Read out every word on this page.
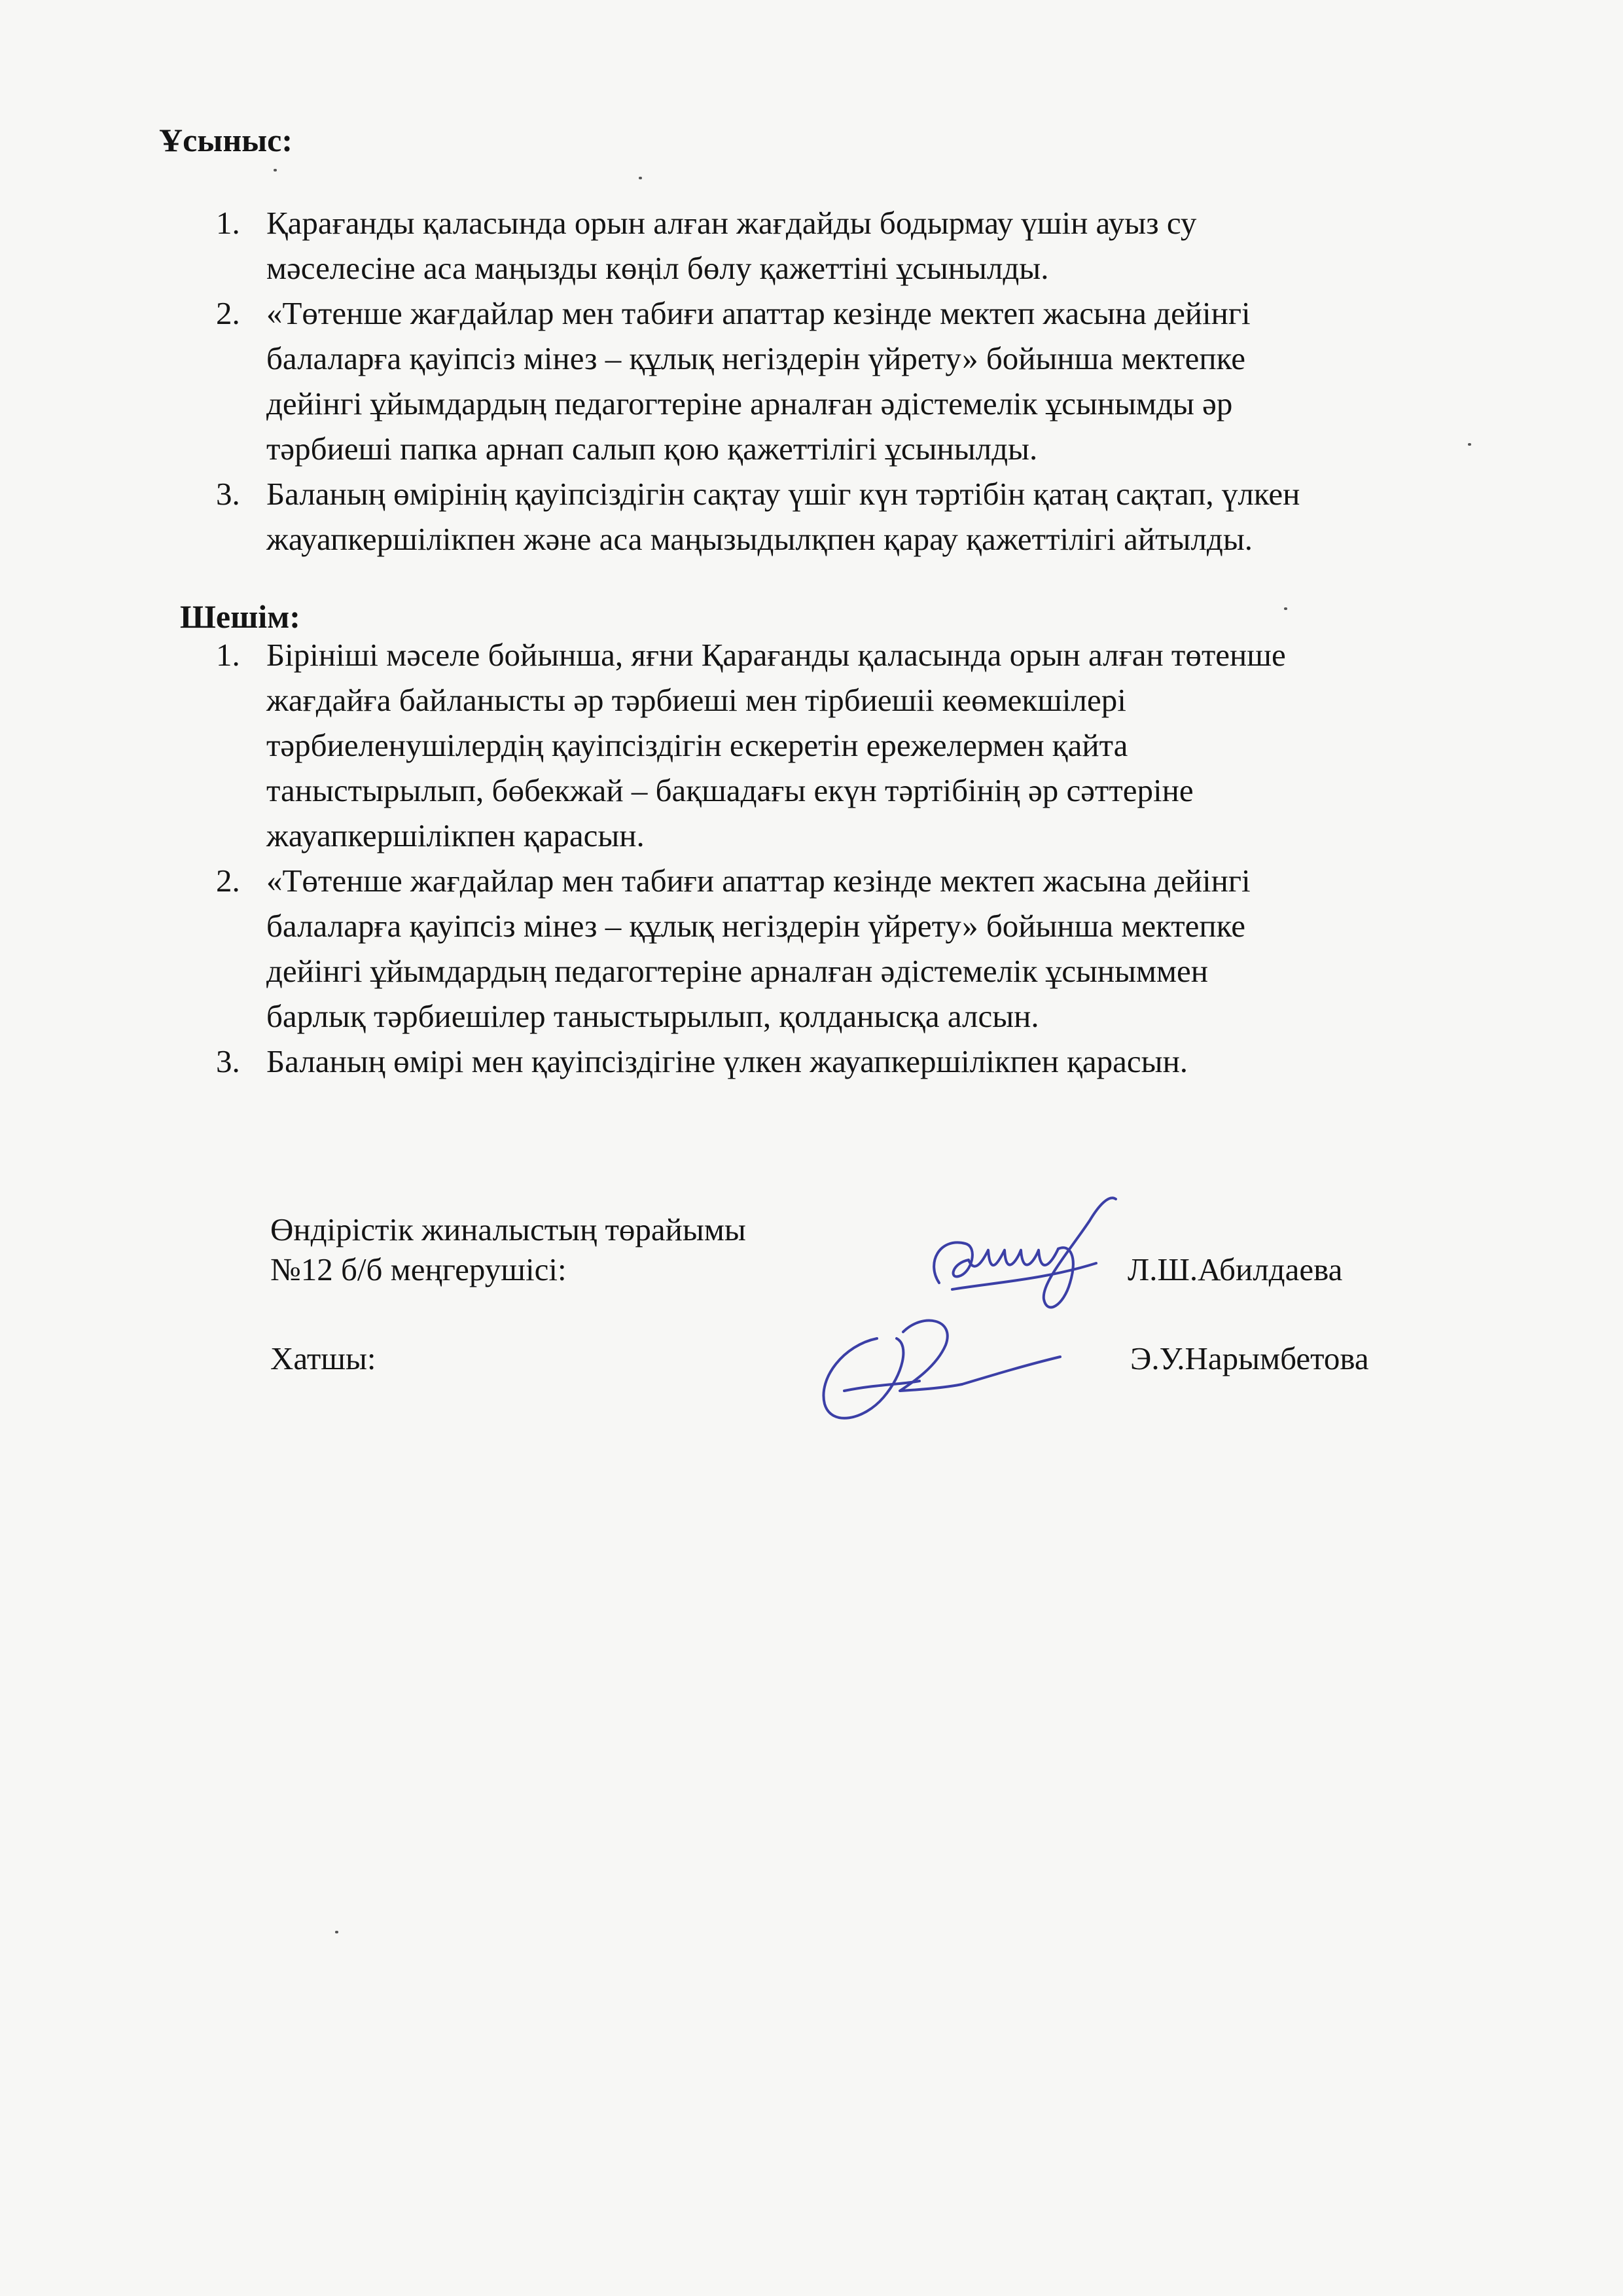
Ұсыныс:
1. Қарағанды қаласында орын алған жағдайды бодырмау үшін ауыз су
мәселесіне аса маңызды көңіл бөлу қажеттіні ұсынылды.
2. «Төтенше жағдайлар мен табиғи апаттар кезінде мектеп жасына дейінгі
балаларға қауіпсіз мінез – құлық негіздерін үйрету» бойынша мектепке
дейінгі ұйымдардың педагогтеріне арналған әдістемелік ұсынымды әр
тәрбиеші папка арнап салып қою қажеттілігі ұсынылды.
3. Баланың өмірінің қауіпсіздігін сақтау үшіг күн тәртібін қатаң сақтап, үлкен
жауапкершілікпен және аса маңызыдылқпен қарау қажеттілігі айтылды.
Шешім:
1. Бірініші мәселе бойынша, яғни Қарағанды қаласында орын алған төтенше
жағдайға байланысты әр тәрбиеші мен тірбиешіі кеөмекшілері
тәрбиеленушілердің қауіпсіздігін ескеретін ережелермен қайта
таныстырылып, бөбекжай – бақшадағы екүн тәртібінің әр сәттеріне
жауапкершілікпен қарасын.
2. «Төтенше жағдайлар мен табиғи апаттар кезінде мектеп жасына дейінгі
балаларға қауіпсіз мінез – құлық негіздерін үйрету» бойынша мектепке
дейінгі ұйымдардың педагогтеріне арналған әдістемелік ұсыныммен
барлық тәрбиешілер таныстырылып, қолданысқа алсын.
3. Баланың өмірі мен қауіпсіздігіне үлкен жауапкершілікпен қарасын.
Өндірістік жиналыстың төрайымы
№12 б/б меңгерушісі:	Л.Ш.Абилдаева
Хатшы:	Э.У.Нарымбетова
